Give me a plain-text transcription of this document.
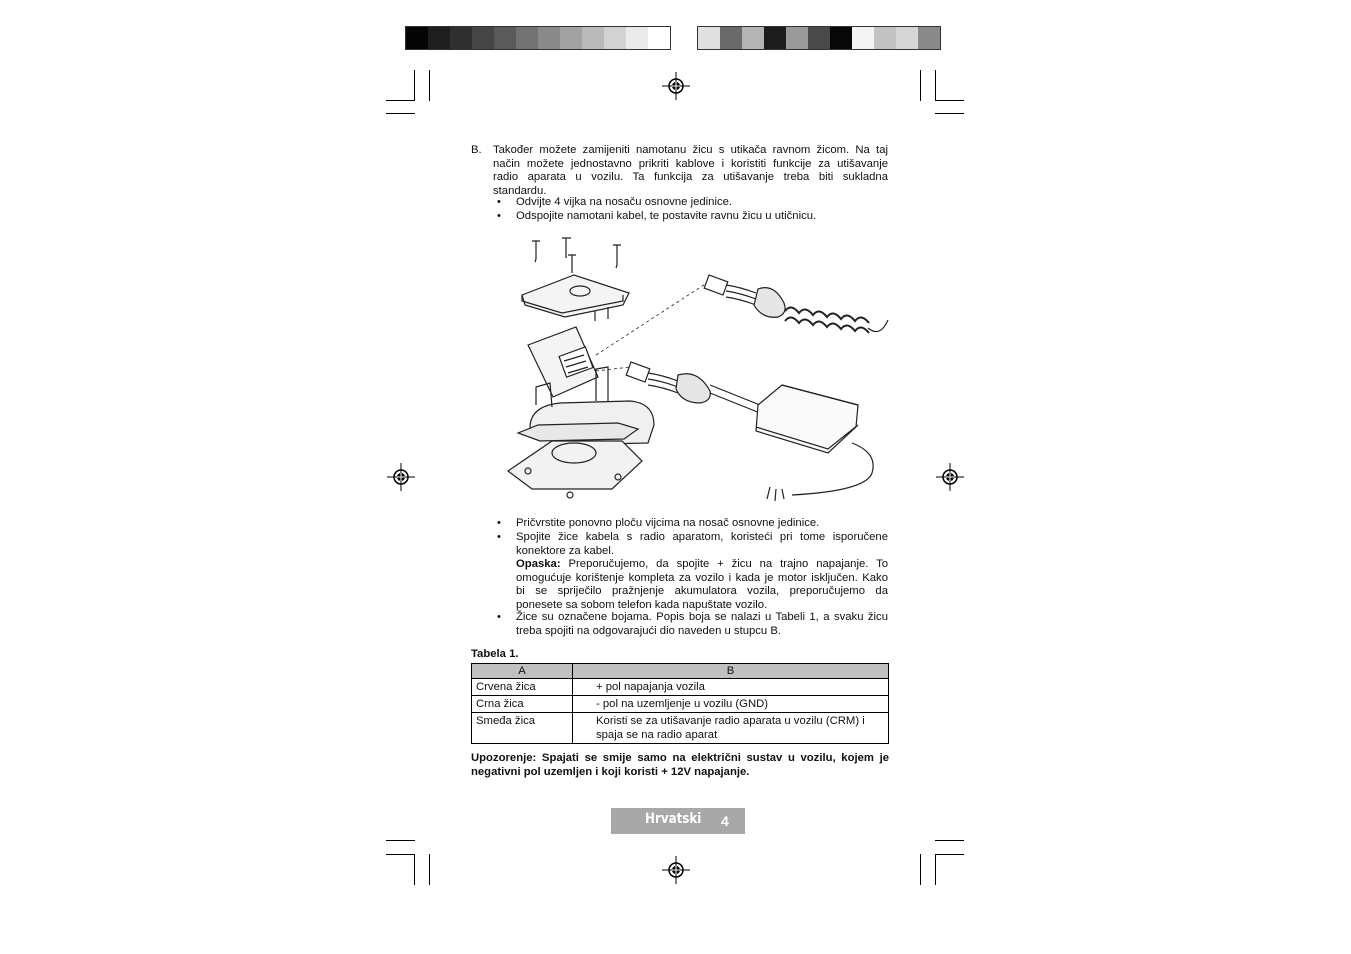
B. Također možete zamijeniti namotanu žicu s utikača ravnom žicom. Na taj
način možete jednostavno prikriti kablove i koristiti funkcije za utišavanje
radio aparata u vozilu. Ta funkcija za utišavanje treba biti sukladna
standardu.
• Odvijte 4 vijka na nosaču osnovne jedinice.
• Odspojite namotani kabel, te postavite ravnu žicu u utičnicu.
• Pričvrstite ponovno ploču vijcima na nosač osnovne jedinice.
• Spojite žice kabela s radio aparatom, koristeći pri tome isporučene
konektore za kabel.
Opaska: Preporučujemo, da spojite + žicu na trajno napajanje. To
omogućuje korištenje kompleta za vozilo i kada je motor isključen. Kako
bi se spriječilo pražnjenje akumulatora vozila, preporučujemo da
ponesete sa sobom telefon kada napuštate vozilo.
• Žice su označene bojama. Popis boja se nalazi u Tabeli 1, a svaku žicu
treba spojiti na odgovarajući dio naveden u stupcu B.
Tabela 1.
A	B
Crvena žica	+ pol napajanja vozila
Crna žica	- pol na uzemljenje u vozilu (GND)
Smeđa žica	Koristi se za utišavanje radio aparata u vozilu (CRM) i spaja se na radio aparat
Upozorenje: Spajati se smije samo na električni sustav u vozilu, kojem je
negativni pol uzemljen i koji koristi + 12V napajanje.
Hrvatski 4
